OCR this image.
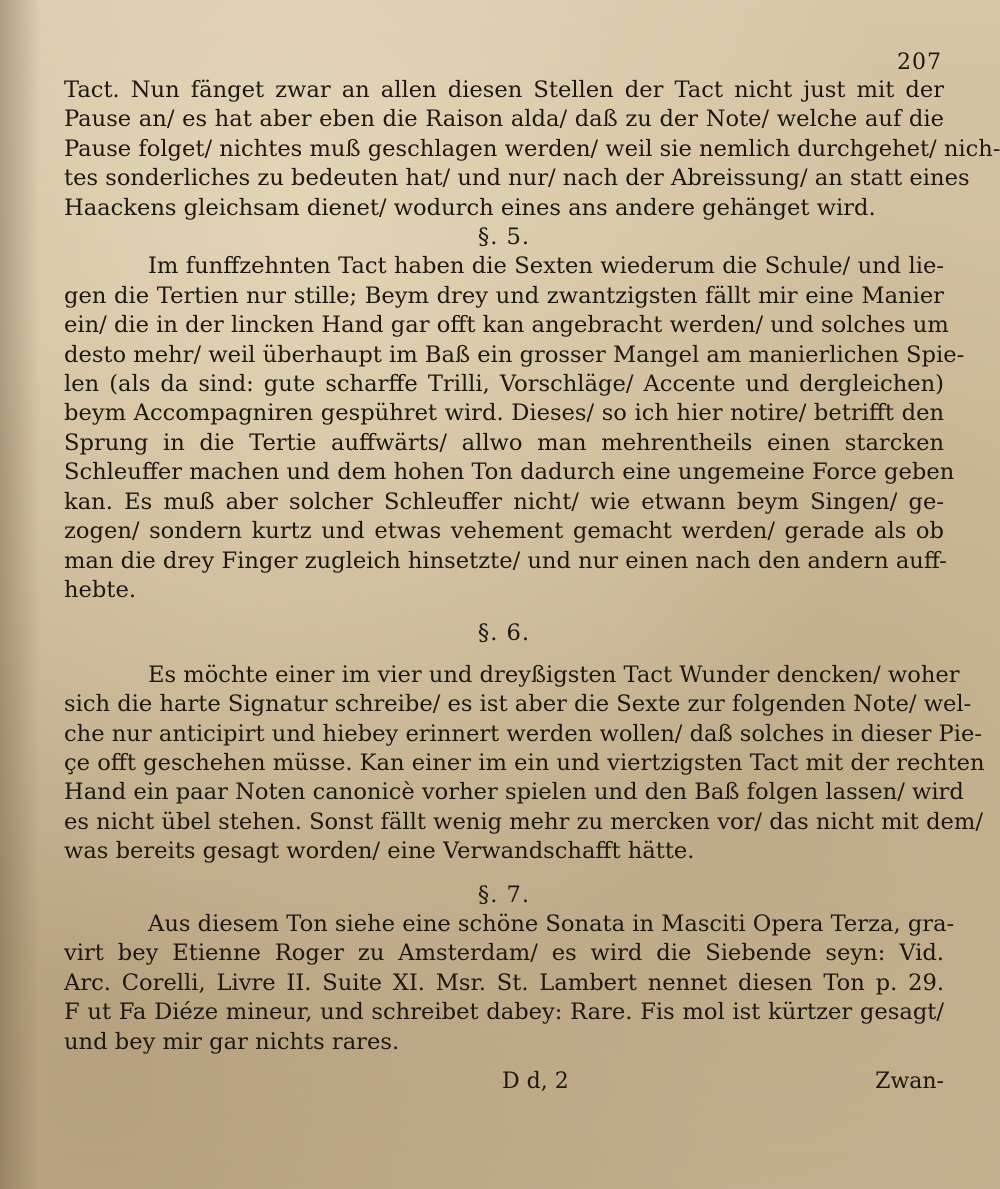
207
Tact. Nun fänget zwar an allen diesen Stellen der Tact nicht just mit der
Pause an/ es hat aber eben die Raison alda/ daß zu der Note/ welche auf die
Pause folget/ nichtes muß geschlagen werden/ weil sie nemlich durchgehet/ nich-
tes sonderliches zu bedeuten hat/ und nur/ nach der Abreissung/ an statt eines
Haackens gleichsam dienet/ wodurch eines ans andere gehänget wird.
§. 5.
Im funffzehnten Tact haben die Sexten wiederum die Schule/ und lie-
gen die Tertien nur stille; Beym drey und zwantzigsten fällt mir eine Manier
ein/ die in der lincken Hand gar offt kan angebracht werden/ und solches um
desto mehr/ weil überhaupt im Baß ein grosser Mangel am manierlichen Spie-
len (als da sind: gute scharffe Trilli, Vorschläge/ Accente und dergleichen)
beym Accompagniren gespühret wird. Dieses/ so ich hier notire/ betrifft den
Sprung in die Tertie auffwärts/ allwo man mehrentheils einen starcken
Schleuffer machen und dem hohen Ton dadurch eine ungemeine Force geben
kan. Es muß aber solcher Schleuffer nicht/ wie etwann beym Singen/ ge-
zogen/ sondern kurtz und etwas vehement gemacht werden/ gerade als ob
man die drey Finger zugleich hinsetzte/ und nur einen nach den andern auff-
hebte.
§. 6.
Es möchte einer im vier und dreyßigsten Tact Wunder dencken/ woher
sich die harte Signatur schreibe/ es ist aber die Sexte zur folgenden Note/ wel-
che nur anticipirt und hiebey erinnert werden wollen/ daß solches in dieser Pie-
çe offt geschehen müsse. Kan einer im ein und viertzigsten Tact mit der rechten
Hand ein paar Noten canonicè vorher spielen und den Baß folgen lassen/ wird
es nicht übel stehen. Sonst fällt wenig mehr zu mercken vor/ das nicht mit dem/
was bereits gesagt worden/ eine Verwandschafft hätte.
§. 7.
Aus diesem Ton siehe eine schöne Sonata in Masciti Opera Terza, gra-
virt bey Etienne Roger zu Amsterdam/ es wird die Siebende seyn: Vid.
Arc. Corelli, Livre II. Suite XI. Msr. St. Lambert nennet diesen Ton p. 29.
F ut Fa Diéze mineur, und schreibet dabey: Rare. Fis mol ist kürtzer gesagt/
und bey mir gar nichts rares.
D d, 2	Zwan-
